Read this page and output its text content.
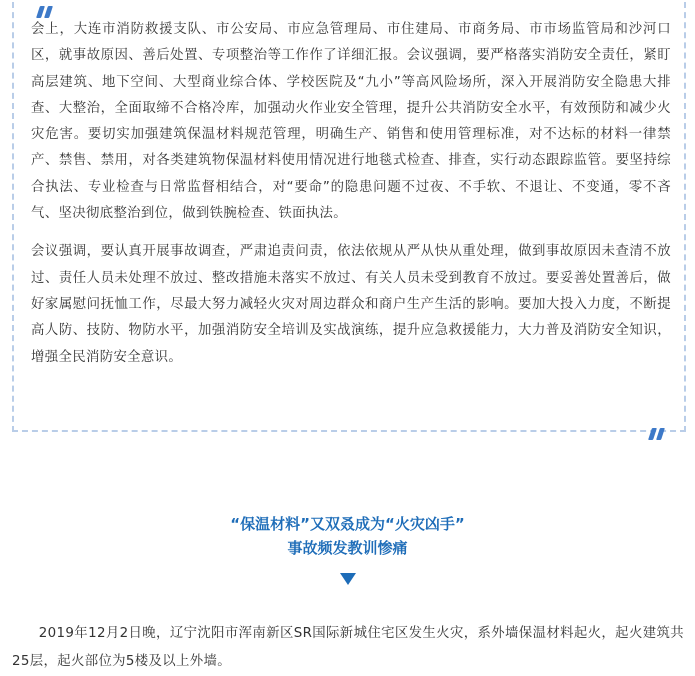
会上，大连市消防救援支队、市公安局、市应急管理局、市住建局、市商务局、市市场监管局和沙河口区，就事故原因、善后处置、专项整治等工作作了详细汇报。会议强调，要严格落实消防安全责任，紧盯高层建筑、地下空间、大型商业综合体、学校医院及“九小”等高风险场所，深入开展消防安全隐患大排查、大整治，全面取缔不合格冷库，加强动火作业安全管理，提升公共消防安全水平，有效预防和减少火灾危害。要切实加强建筑保温材料规范管理，明确生产、销售和使用管理标准，对不达标的材料一律禁产、禁售、禁用，对各类建筑物保温材料使用情况进行地毯式检查、排查，实行动态跟踪监管。要坚持综合执法、专业检查与日常监督相结合，对“要命”的隐患问题不过夜、不手软、不退让、不变通，零不吝气、坚决彻底整治到位，做到铁腕检查、铁面执法。

会议强调，要认真开展事故调查，严肃追责问责，依法依规从严从快从重处理，做到事故原因未查清不放过、责任人员未处理不放过、整改措施未落实不放过、有关人员未受到教育不放过。要妥善处置善后，做好家属慰问抚恤工作，尽最大努力减轻火灾对周边群众和商户生产生活的影响。要加大投入力度，不断提高人防、技防、物防水平，加强消防安全培训及实战演练，提升应急救援能力，大力普及消防安全知识，增强全民消防安全意识。

“保温材料”又双叒成为“火灾凶手”
事故频发教训惨痛

2019年12月2日晚，辽宁沈阳市浑南新区SR国际新城住宅区发生火灾，系外墙保温材料起火，起火建筑共25层，起火部位为5楼及以上外墙。
